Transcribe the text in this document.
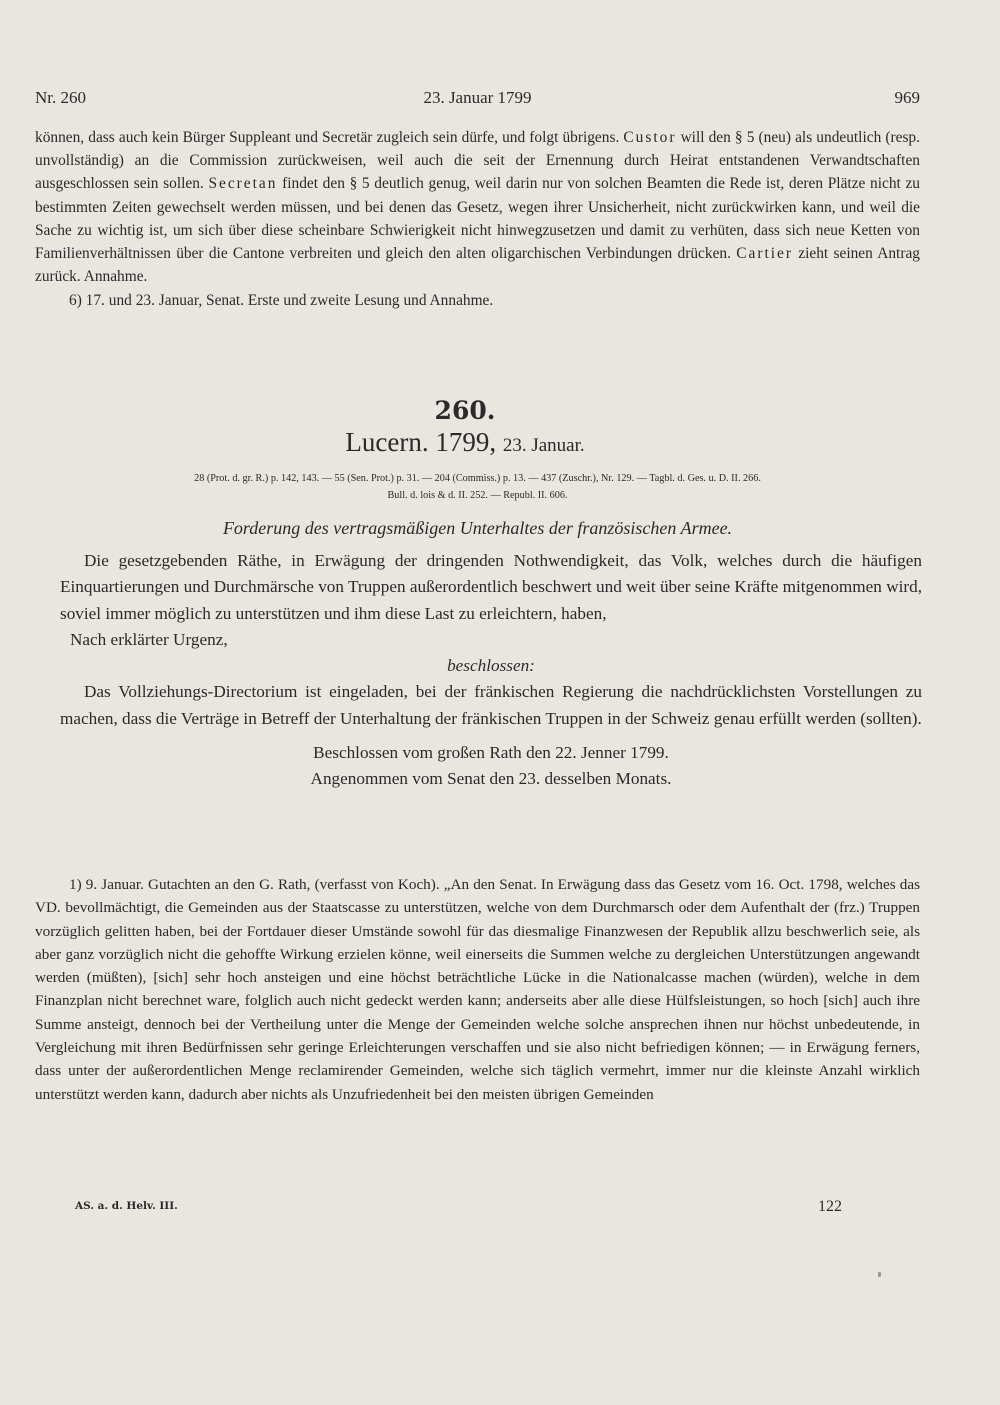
Nr. 260	23. Januar 1799	969

können, dass auch kein Bürger Suppleant und Secretär zugleich sein dürfe, und folgt übrigens. Custor will den § 5 (neu) als undeutlich (resp. unvollständig) an die Commission zurückweisen, weil auch die seit der Ernennung durch Heirat entstandenen Verwandtschaften ausgeschlossen sein sollen. Secretan findet den § 5 deutlich genug, weil darin nur von solchen Beamten die Rede ist, deren Plätze nicht zu bestimmten Zeiten gewechselt werden müssen, und bei denen das Gesetz, wegen ihrer Unsicherheit, nicht zurückwirken kann, und weil die Sache zu wichtig ist, um sich über diese scheinbare Schwierigkeit nicht hinwegzusetzen und damit zu verhüten, dass sich neue Ketten von Familienverhältnissen über die Cantone verbreiten und gleich den alten oligarchischen Verbindungen drücken. Cartier zieht seinen Antrag zurück. Annahme.

6) 17. und 23. Januar, Senat. Erste und zweite Lesung und Annahme.

260.
Lucern. 1799, 23. Januar.
28 (Prot. d. gr. R.) p. 142, 143. — 55 (Sen. Prot.) p. 31. — 204 (Commiss.) p. 13. — 437 (Zuschr.), Nr. 129. — Tagbl. d. Ges. u. D. II. 266.
Bull. d. lois & d. II. 252. — Republ. II. 606.
Forderung des vertragsmäßigen Unterhaltes der französischen Armee.

Die gesetzgebenden Räthe, in Erwägung der dringenden Nothwendigkeit, das Volk, welches durch die häufigen Einquartierungen und Durchmärsche von Truppen außerordentlich beschwert und weit über seine Kräfte mitgenommen wird, soviel immer möglich zu unterstützen und ihm diese Last zu erleichtern, haben,

Nach erklärter Urgenz,

beschlossen:

Das Vollziehungs-Directorium ist eingeladen, bei der fränkischen Regierung die nachdrücklichsten Vorstellungen zu machen, dass die Verträge in Betreff der Unterhaltung der fränkischen Truppen in der Schweiz genau erfüllt werden (sollten).

Beschlossen vom großen Rath den 22. Jenner 1799.

Angenommen vom Senat den 23. desselben Monats.

1) 9. Januar. Gutachten an den G. Rath, (verfasst von Koch). „An den Senat. In Erwägung dass das Gesetz vom 16. Oct. 1798, welches das VD. bevollmächtigt, die Gemeinden aus der Staatscasse zu unterstützen, welche von dem Durchmarsch oder dem Aufenthalt der (frz.) Truppen vorzüglich gelitten haben, bei der Fortdauer dieser Umstände sowohl für das diesmalige Finanzwesen der Republik allzu beschwerlich seie, als aber ganz vorzüglich nicht die gehoffte Wirkung erzielen könne, weil einerseits die Summen welche zu dergleichen Unterstützungen angewandt werden (müßten), [sich] sehr hoch ansteigen und eine höchst beträchtliche Lücke in die Nationalcasse machen (würden), welche in dem Finanzplan nicht berechnet ware, folglich auch nicht gedeckt werden kann; anderseits aber alle diese Hülfsleistungen, so hoch [sich] auch ihre Summe ansteigt, dennoch bei der Vertheilung unter die Menge der Gemeinden welche solche ansprechen ihnen nur höchst unbedeutende, in Vergleichung mit ihren Bedürfnissen sehr geringe Erleichterungen verschaffen und sie also nicht befriedigen können; — in Erwägung ferners, dass unter der außerordentlichen Menge reclamirender Gemeinden, welche sich täglich vermehrt, immer nur die kleinste Anzahl wirklich unterstützt werden kann, dadurch aber nichts als Unzufriedenheit bei den meisten übrigen Gemeinden

AS. a. d. Helv. III.	122
